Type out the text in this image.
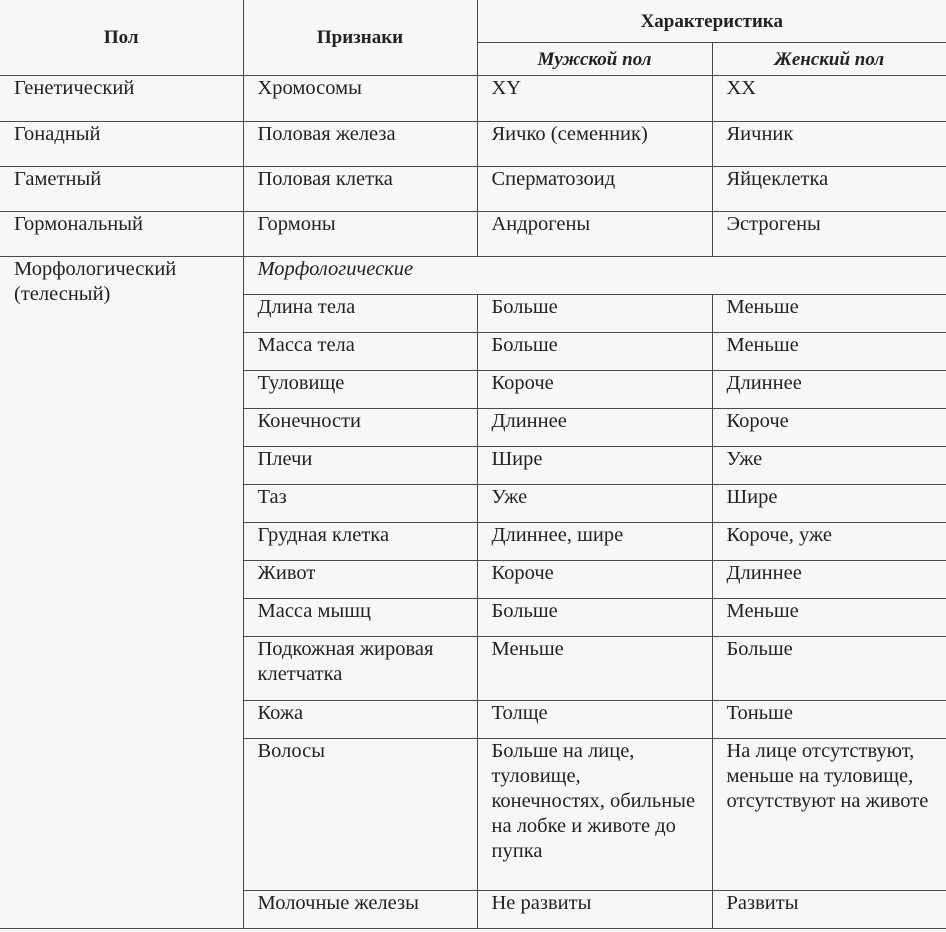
Пол	Признаки	Характеристика	
		Мужской пол	Женский пол
Генетический	Хромосомы	XY	XX
Гонадный	Половая железа	Яичко (семенник)	Яичник
Гаметный	Половая клетка	Сперматозоид	Яйцеклетка
Гормональный	Гормоны	Андрогены	Эстрогены
Морфологический (телесный)	Морфологические		
	Длина тела	Больше	Меньше
	Масса тела	Больше	Меньше
	Туловище	Короче	Длиннее
	Конечности	Длиннее	Короче
	Плечи	Шире	Уже
	Таз	Уже	Шире
	Грудная клетка	Длиннее, шире	Короче, уже
	Живот	Короче	Длиннее
	Масса мышц	Больше	Меньше
	Подкожная жировая клетчатка	Меньше	Больше
	Кожа	Толще	Тоньше
	Волосы	Больше на лице, туловище, конечностях, обильные на лобке и животе до пупка	На лице отсутствуют, меньше на туловище, отсутствуют на животе
	Молочные железы	Не развиты	Развиты
